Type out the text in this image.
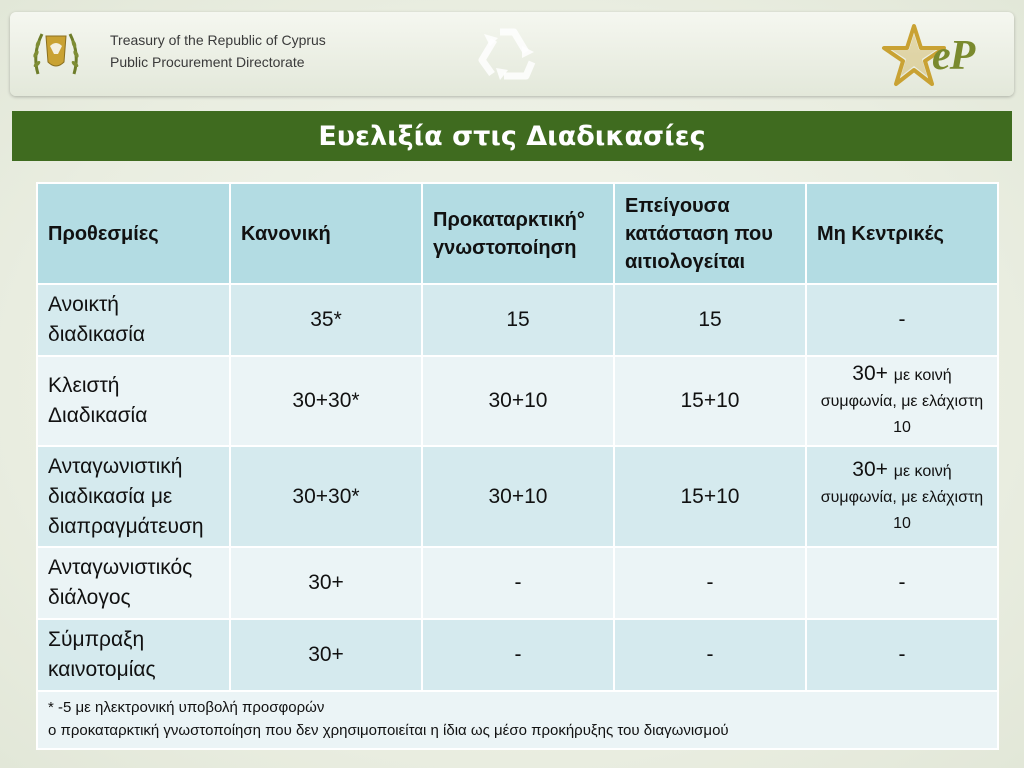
Treasury of the Republic of Cyprus
Public Procurement Directorate	eP
Ευελιξία στις Διαδικασίες
Προθεσμίες	Κανονική	Προκαταρκτική° γνωστοποίηση	Επείγουσα κατάσταση που αιτιολογείται	Μη Κεντρικές
Ανοικτή διαδικασία	35*	15	15	-
Κλειστή Διαδικασία	30+30*	30+10	15+10	30+ με κοινή συμφωνία, με ελάχιστη 10
Ανταγωνιστική διαδικασία με διαπραγμάτευση	30+30*	30+10	15+10	30+ με κοινή συμφωνία, με ελάχιστη 10
Ανταγωνιστικός διάλογος	30+	-	-	-
Σύμπραξη καινοτομίας	30+	-	-	-

* -5 με ηλεκτρονική υποβολή προσφορών
o προκαταρκτική γνωστοποίηση που δεν χρησιμοποιείται η ίδια ως μέσο προκήρυξης του διαγωνισμού				
